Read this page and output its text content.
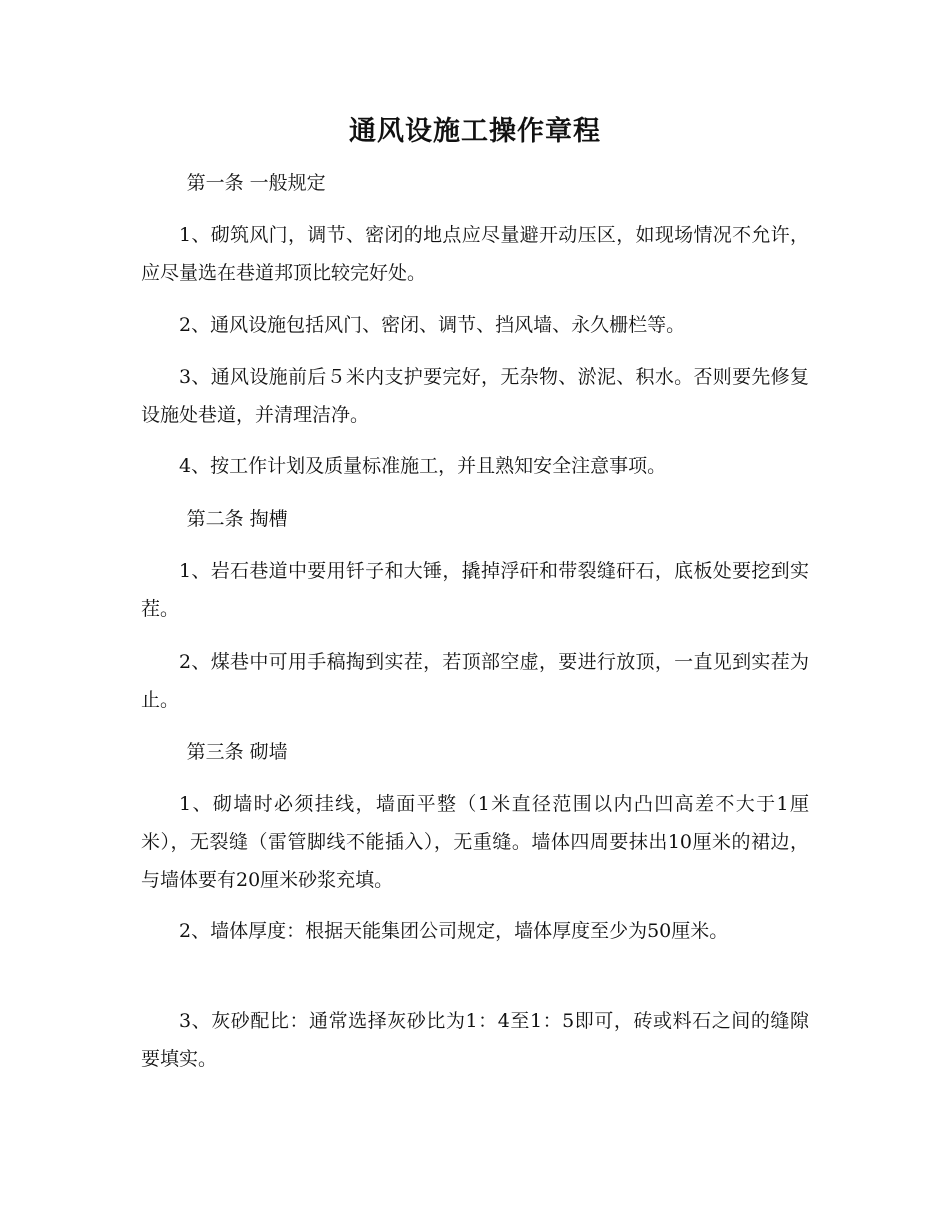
通风设施工操作章程

第一条 一般规定

1、砌筑风门，调节、密闭的地点应尽量避开动压区，如现场情况不允许，应尽量选在巷道邦顶比较完好处。

2、通风设施包括风门、密闭、调节、挡风墙、永久栅栏等。

3、通风设施前后５米内支护要完好，无杂物、淤泥、积水。否则要先修复设施处巷道，并清理洁净。

4、按工作计划及质量标准施工，并且熟知安全注意事项。

第二条 掏槽

1、岩石巷道中要用钎子和大锤，撬掉浮矸和带裂缝矸石，底板处要挖到实茬。

2、煤巷中可用手稿掏到实茬，若顶部空虚，要进行放顶，一直见到实茬为止。

第三条 砌墙

1、砌墙时必须挂线，墙面平整（1米直径范围以内凸凹高差不大于1厘米），无裂缝（雷管脚线不能插入），无重缝。墙体四周要抹出10厘米的裙边，与墙体要有20厘米砂浆充填。

2、墙体厚度：根据天能集团公司规定，墙体厚度至少为50厘米。

3、灰砂配比：通常选择灰砂比为1：4至1：5即可，砖或料石之间的缝隙要填实。
